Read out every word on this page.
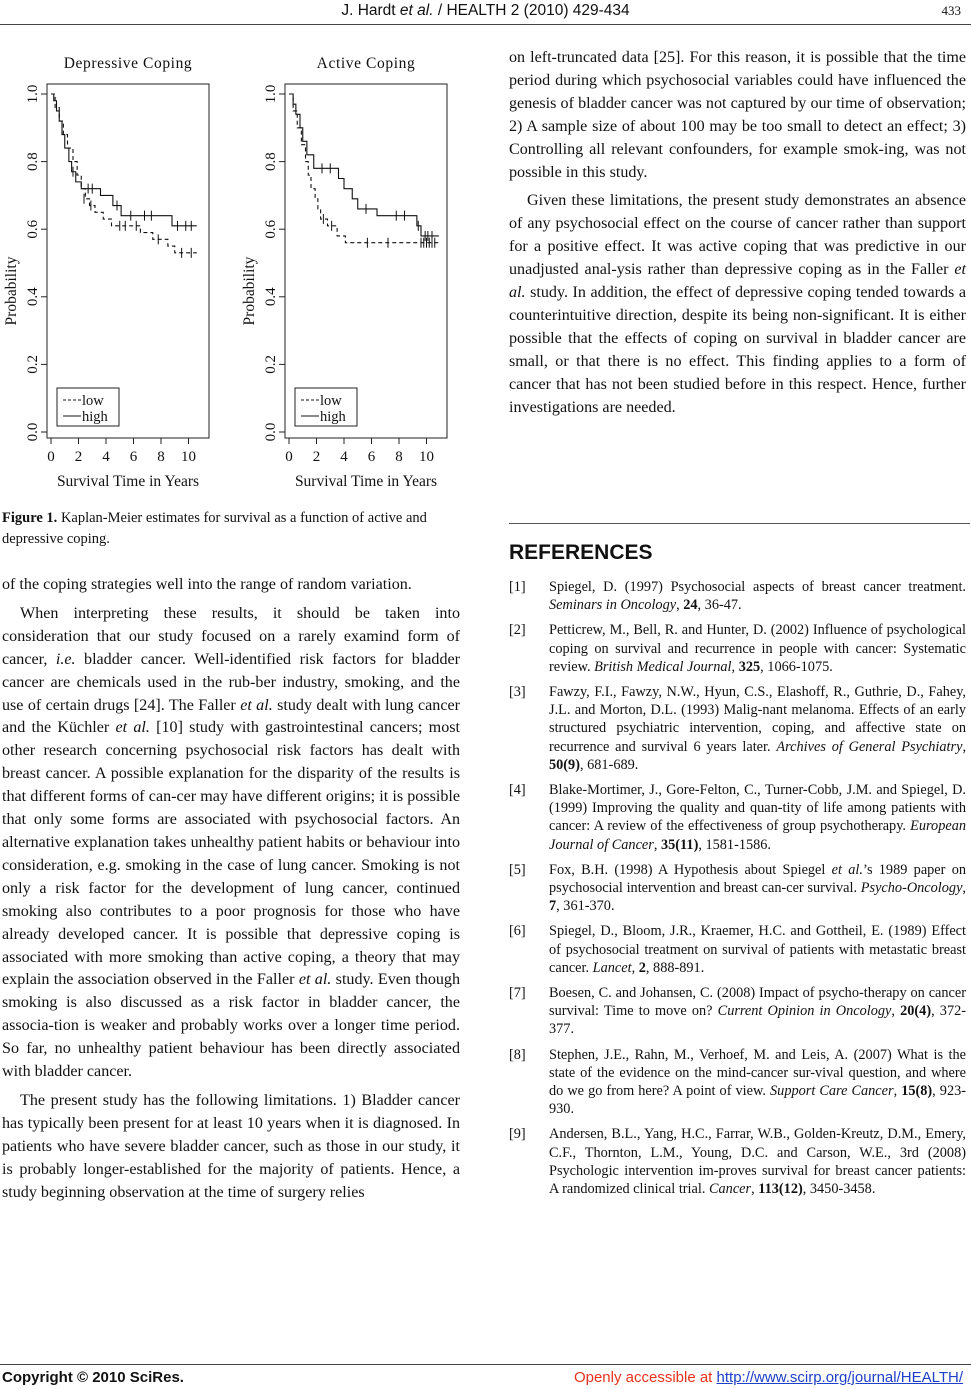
J. Hardt et al. / HEALTH 2 (2010) 429-434	433
Depressive Coping
0 2 4 6 8 10
0.0
0.2
0.4
0.6
0.8
1.0
Survival Time in Years
Probability
low
high
Active Coping
0 2 4 6 8 10
0.0
0.2
0.4
0.6
0.8
1.0
Survival Time in Years
Probability
low
high
Figure 1. Kaplan-Meier estimates for survival as a function of active and depressive coping.

of the coping strategies well into the range of random variation.

When interpreting these results, it should be taken into consideration that our study focused on a rarely examind form of cancer, i.e. bladder cancer. Well-identified risk factors for bladder cancer are chemicals used in the rub-ber industry, smoking, and the use of certain drugs [24]. The Faller et al. study dealt with lung cancer and the Küchler et al. [10] study with gastrointestinal cancers; most other research concerning psychosocial risk factors has dealt with breast cancer. A possible explanation for the disparity of the results is that different forms of can-cer may have different origins; it is possible that only some forms are associated with psychosocial factors. An alternative explanation takes unhealthy patient habits or behaviour into consideration, e.g. smoking in the case of lung cancer. Smoking is not only a risk factor for the development of lung cancer, continued smoking also contributes to a poor prognosis for those who have already developed cancer. It is possible that depressive coping is associated with more smoking than active coping, a theory that may explain the association observed in the Faller et al. study. Even though smoking is also discussed as a risk factor in bladder cancer, the associa-tion is weaker and probably works over a longer time period. So far, no unhealthy patient behaviour has been directly associated with bladder cancer.

The present study has the following limitations. 1) Bladder cancer has typically been present for at least 10 years when it is diagnosed. In patients who have severe bladder cancer, such as those in our study, it is probably longer-established for the majority of patients. Hence, a study beginning observation at the time of surgery relies

on left-truncated data [25]. For this reason, it is possible that the time period during which psychosocial variables could have influenced the genesis of bladder cancer was not captured by our time of observation; 2) A sample size of about 100 may be too small to detect an effect; 3) Controlling all relevant confounders, for example smok-ing, was not possible in this study.

Given these limitations, the present study demonstrates an absence of any psychosocial effect on the course of cancer rather than support for a positive effect. It was active coping that was predictive in our unadjusted anal-ysis rather than depressive coping as in the Faller et al. study. In addition, the effect of depressive coping tended towards a counterintuitive direction, despite its being non-significant. It is either possible that the effects of coping on survival in bladder cancer are small, or that there is no effect. This finding applies to a form of cancer that has not been studied before in this respect. Hence, further investigations are needed.

REFERENCES
[1]	Spiegel, D. (1997) Psychosocial aspects of breast cancer treatment. Seminars in Oncology, 24, 36-47.
[2]	Petticrew, M., Bell, R. and Hunter, D. (2002) Influence of psychological coping on survival and recurrence in people with cancer: Systematic review. British Medical Journal, 325, 1066-1075.
[3]	Fawzy, F.I., Fawzy, N.W., Hyun, C.S., Elashoff, R., Guthrie, D., Fahey, J.L. and Morton, D.L. (1993) Malig-nant melanoma. Effects of an early structured psychiatric intervention, coping, and affective state on recurrence and survival 6 years later. Archives of General Psychiatry, 50(9), 681-689.
[4]	Blake-Mortimer, J., Gore-Felton, C., Turner-Cobb, J.M. and Spiegel, D. (1999) Improving the quality and quan-tity of life among patients with cancer: A review of the effectiveness of group psychotherapy. European Journal of Cancer, 35(11), 1581-1586.
[5]	Fox, B.H. (1998) A Hypothesis about Spiegel et al.’s 1989 paper on psychosocial intervention and breast can-cer survival. Psycho-Oncology, 7, 361-370.
[6]	Spiegel, D., Bloom, J.R., Kraemer, H.C. and Gottheil, E. (1989) Effect of psychosocial treatment on survival of patients with metastatic breast cancer. Lancet, 2, 888-891.
[7]	Boesen, C. and Johansen, C. (2008) Impact of psycho-therapy on cancer survival: Time to move on? Current Opinion in Oncology, 20(4), 372-377.
[8]	Stephen, J.E., Rahn, M., Verhoef, M. and Leis, A. (2007) What is the state of the evidence on the mind-cancer sur-vival question, and where do we go from here? A point of view. Support Care Cancer, 15(8), 923-930.
[9]	Andersen, B.L., Yang, H.C., Farrar, W.B., Golden-Kreutz, D.M., Emery, C.F., Thornton, L.M., Young, D.C. and Carson, W.E., 3rd (2008) Psychologic intervention im-proves survival for breast cancer patients: A randomized clinical trial. Cancer, 113(12), 3450-3458.
Copyright © 2010 SciRes.	Openly accessible at http://www.scirp.org/journal/HEALTH/
